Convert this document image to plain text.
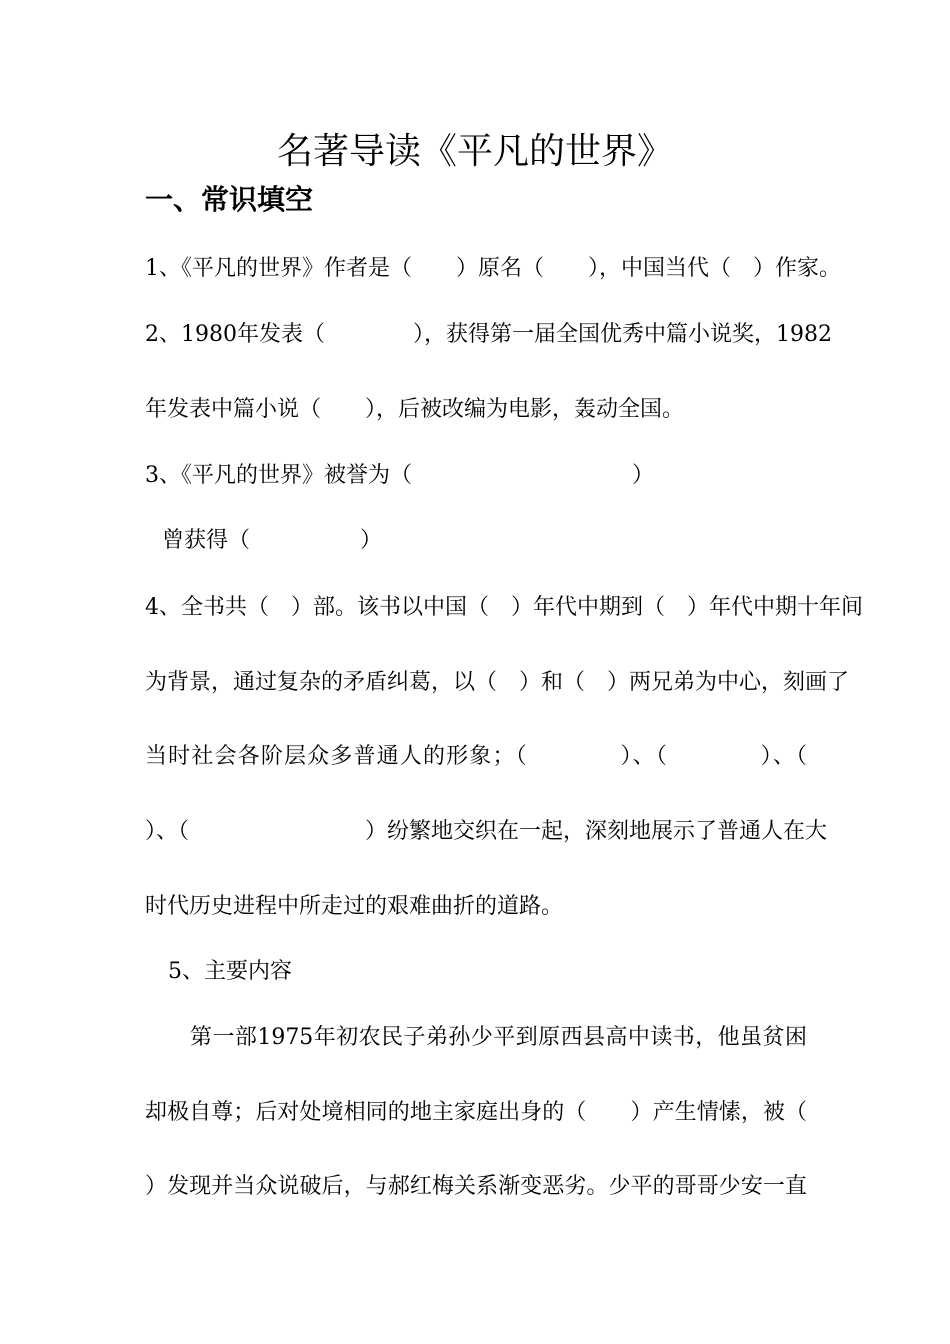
名著导读《平凡的世界》
一、常识填空
1、《平凡的世界》作者是（　　）原名（　　），中国当代（　）作家。
2、1980年发表（　　　　），获得第一届全国优秀中篇小说奖，1982
年发表中篇小说（　　），后被改编为电影，轰动全国。
3、《平凡的世界》被誉为（　　　　　　　　　　）
曾获得（　　　　　）
4、全书共（　）部。该书以中国（　）年代中期到（　）年代中期十年间
为背景，通过复杂的矛盾纠葛，以（　）和（　）两兄弟为中心，刻画了
当时社会各阶层众多普通人的形象；（　　　　）、（　　　　）、（
）、（　　　　　　　　）纷繁地交织在一起，深刻地展示了普通人在大
时代历史进程中所走过的艰难曲折的道路。
5、主要内容
第一部1975年初农民子弟孙少平到原西县高中读书，他虽贫困
却极自尊；后对处境相同的地主家庭出身的（　　）产生情愫，被（
）发现并当众说破后，与郝红梅关系渐变恶劣。少平的哥哥少安一直
